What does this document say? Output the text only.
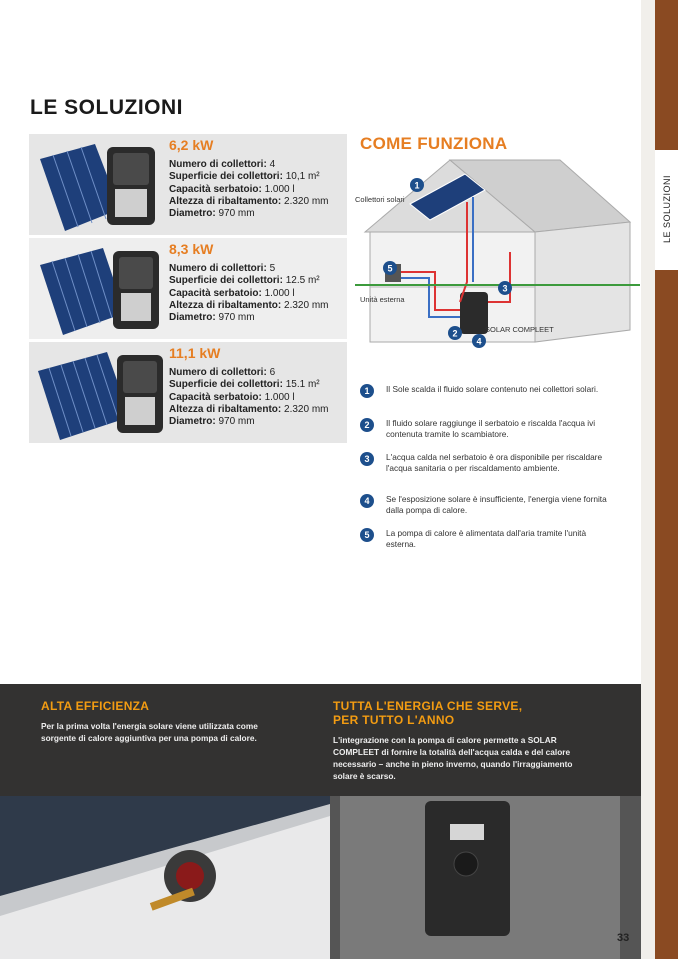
LE SOLUZIONI
LE SOLUZIONI
6,2 kW
Numero di collettori: 4
Superficie dei collettori: 10,1 m²
Capacità serbatoio: 1.000 l
Altezza di ribaltamento: 2.320 mm
Diametro: 970 mm
8,3 kW
Numero di collettori: 5
Superficie dei collettori: 12.5 m²
Capacità serbatoio: 1.000 l
Altezza di ribaltamento: 2.320 mm
Diametro: 970 mm
11,1 kW
Numero di collettori: 6
Superficie dei collettori: 15.1 m²
Capacità serbatoio: 1.000 l
Altezza di ribaltamento: 2.320 mm
Diametro: 970 mm
COME FUNZIONA
1
2
3
4
5
Collettori solari
Unità esterna
SOLAR COMPLEET
1	Il Sole scalda il fluido solare contenuto nei collettori solari.
2	Il fluido solare raggiunge il serbatoio e riscalda l'acqua ivi contenuta tramite lo scambiatore.
3	L'acqua calda nel serbatoio è ora disponibile per riscaldare l'acqua sanitaria o per riscaldamento ambiente.
4	Se l'esposizione solare è insufficiente, l'energia viene fornita dalla pompa di calore.
5	La pompa di calore è alimentata dall'aria tramite l'unità esterna.
ALTA EFFICIENZA
Per la prima volta l'energia solare viene utilizzata come sorgente di calore aggiuntiva per una pompa di calore.
TUTTA L'ENERGIA CHE SERVE,
PER TUTTO L'ANNO
L'integrazione con la pompa di calore permette a SOLAR COMPLEET di fornire la totalità dell'acqua calda e del calore necessario – anche in pieno inverno, quando l'irraggiamento solare è scarso.
33
